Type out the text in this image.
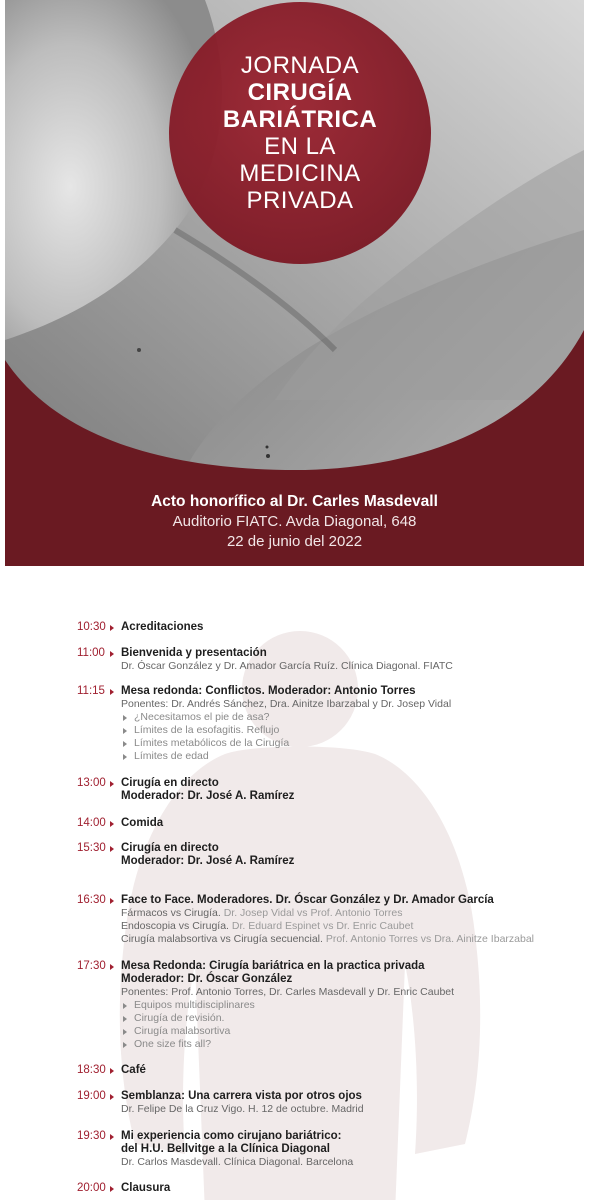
JORNADA
CIRUGÍA
BARIÁTRICA
EN LA
MEDICINA
PRIVADA
Acto honorífico al Dr. Carles Masdevall
Auditorio FIATC. Avda Diagonal, 648
22 de junio del 2022
10:30 Acreditaciones
11:00 Bienvenida y presentación
Dr. Óscar González y Dr. Amador García Ruíz. Clínica Diagonal. FIATC
11:15 Mesa redonda: Conflictos. Moderador: Antonio Torres
Ponentes: Dr. Andrés Sánchez, Dra. Ainitze Ibarzabal y Dr. Josep Vidal
¿Necesitamos el pie de asa?
Límites de la esofagitis. Reflujo
Límites metabólicos de la Cirugía
Límites de edad
13:00 Cirugía en directo
Moderador: Dr. José A. Ramírez
14:00 Comida
15:30 Cirugía en directo
Moderador: Dr. José A. Ramírez
16:30 Face to Face. Moderadores. Dr. Óscar González y Dr. Amador García
Fármacos vs Cirugía. Dr. Josep Vidal vs Prof. Antonio Torres
Endoscopia vs Cirugía. Dr. Eduard Espinet vs Dr. Enric Caubet
Cirugía malabsortiva vs Cirugía secuencial. Prof. Antonio Torres vs Dra. Ainitze Ibarzabal
17:30 Mesa Redonda: Cirugía bariátrica en la practica privada
Moderador: Dr. Óscar González
Ponentes: Prof. Antonio Torres, Dr. Carles Masdevall y Dr. Enric Caubet
Equipos multidisciplinares
Cirugía de revisión.
Cirugía malabsortiva
One size fits all?
18:30 Café
19:00 Semblanza: Una carrera vista por otros ojos
Dr. Felipe De la Cruz Vigo. H. 12 de octubre. Madrid
19:30 Mi experiencia como cirujano bariátrico:
del H.U. Bellvitge a la Clínica Diagonal
Dr. Carlos Masdevall. Clínica Diagonal. Barcelona
20:00 Clausura
